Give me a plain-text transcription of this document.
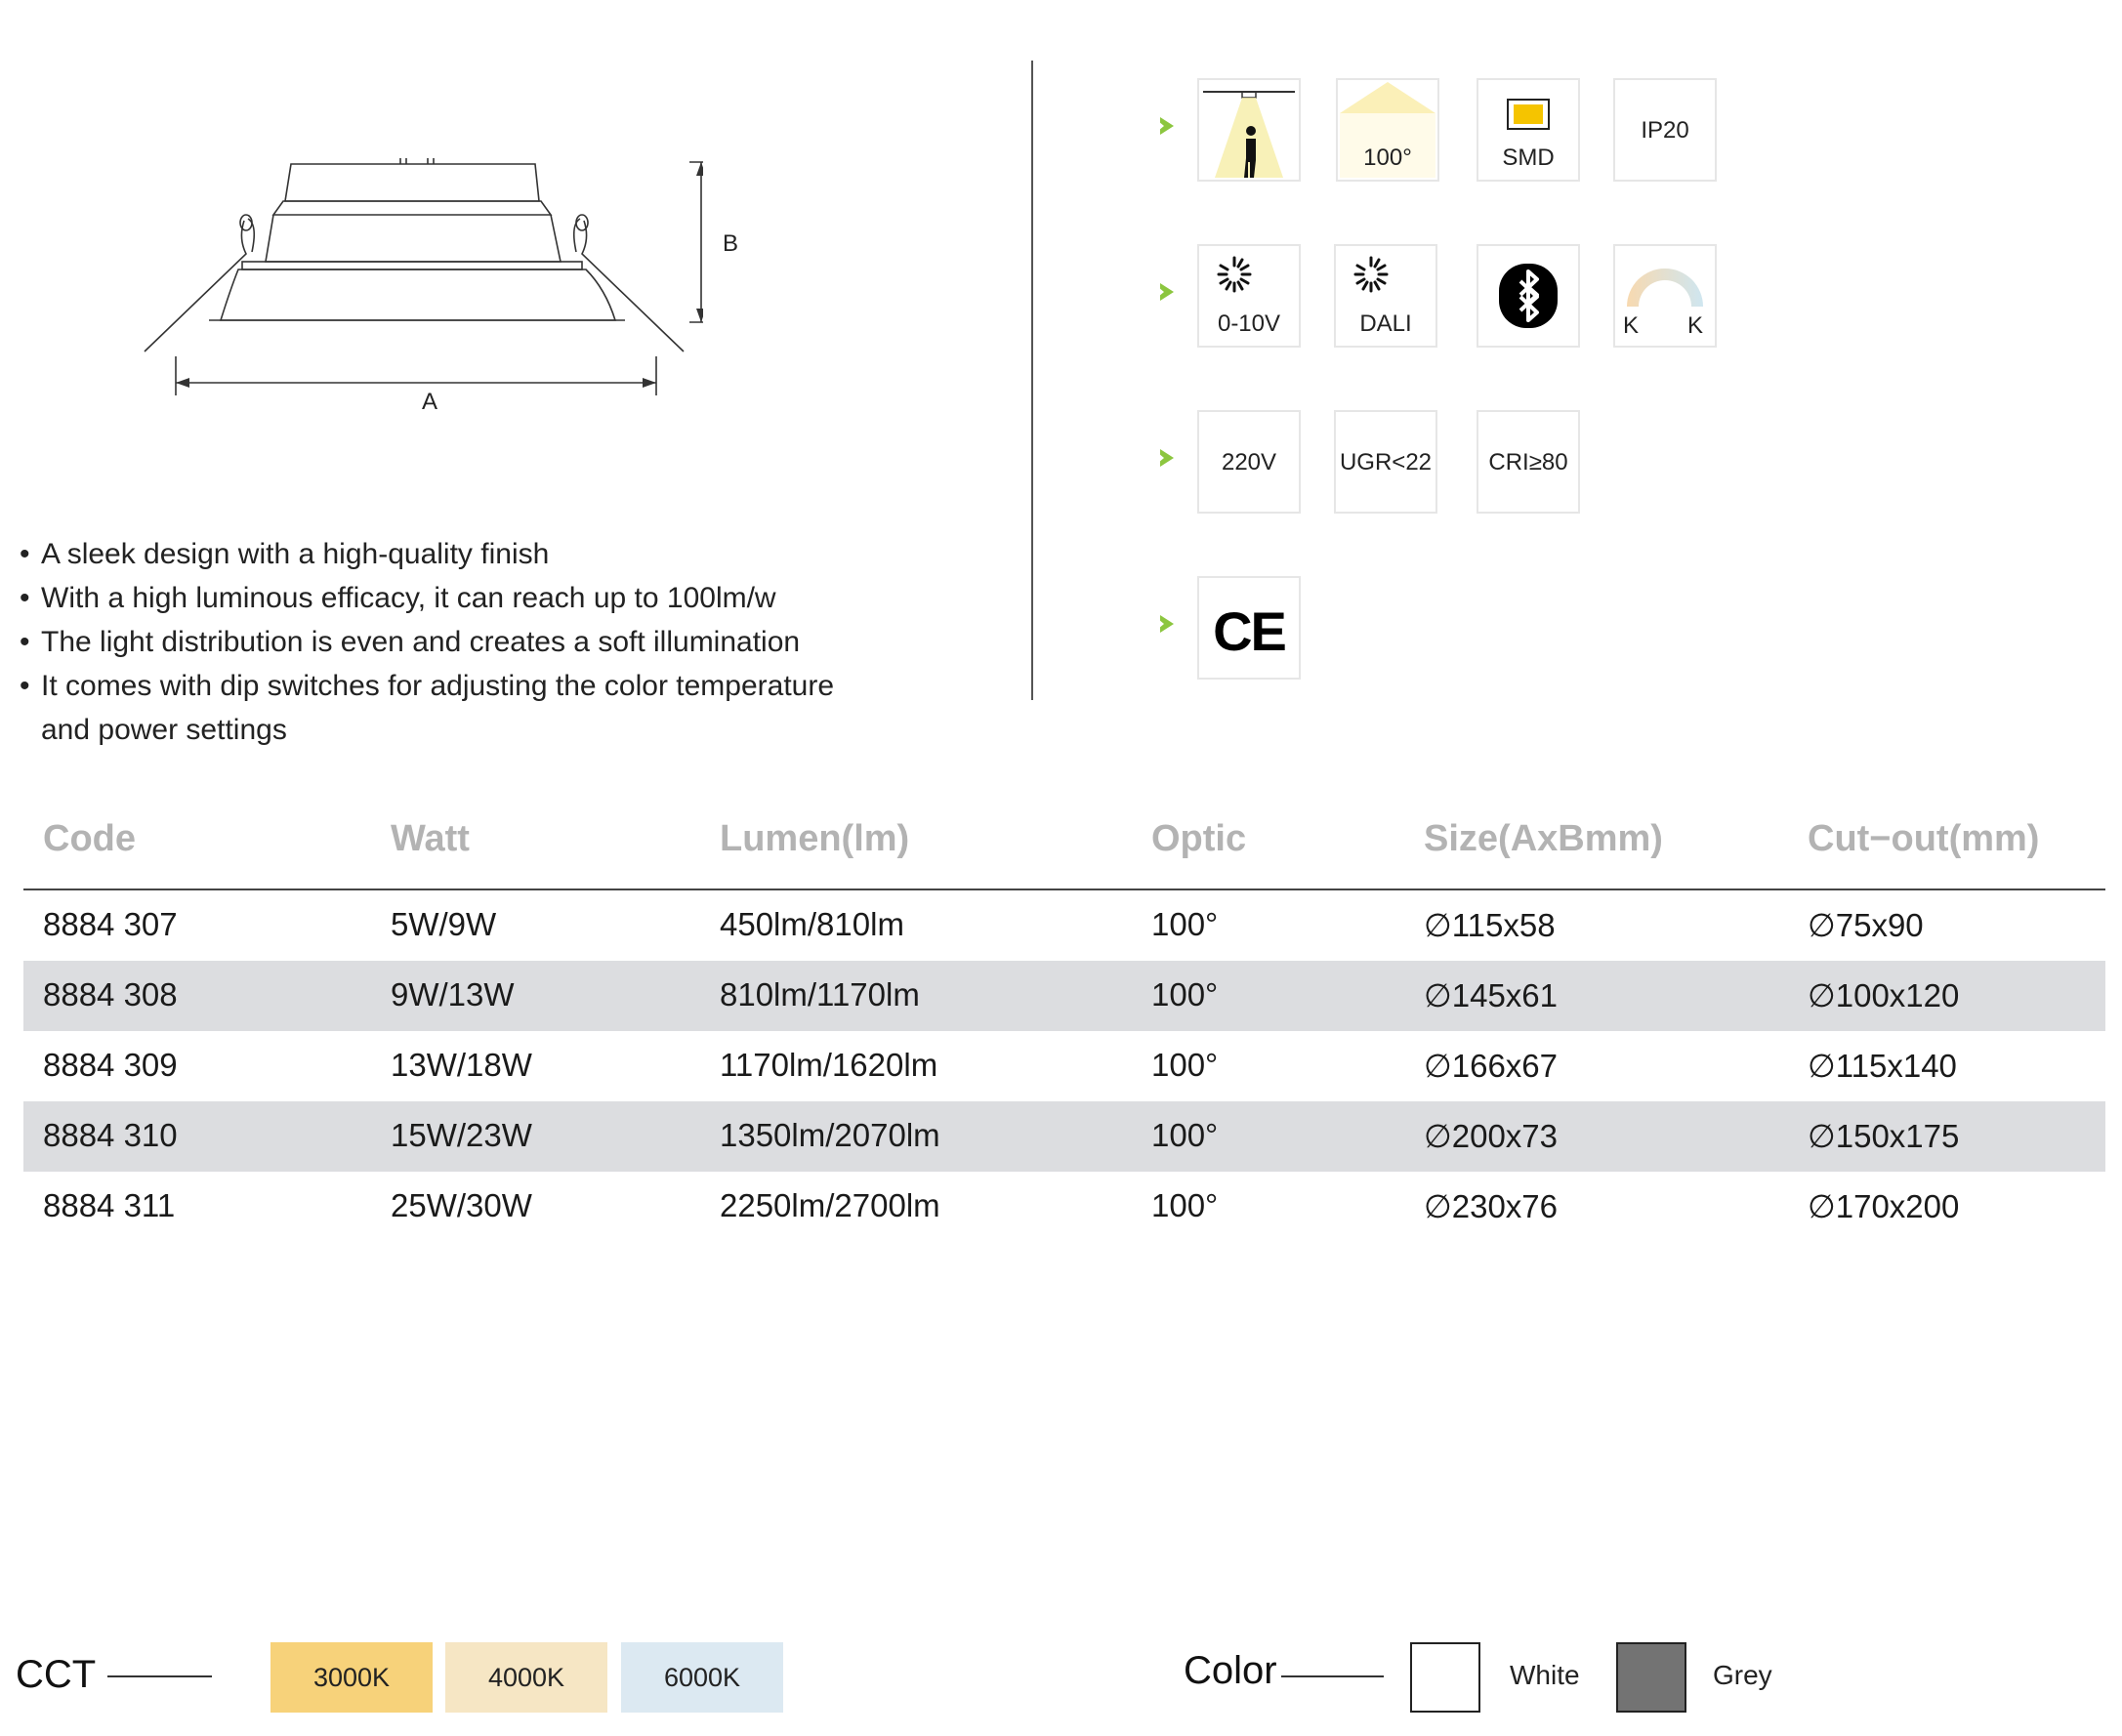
A
B
• A sleek design with a high-quality finish
• With a high luminous efficacy, it can reach up to 100lm/w
• The light distribution is even and creates a soft illumination
• It comes with dip switches for adjusting the color temperature
and power settings
100°	SMD
IP20
0-10V	DALI	K K
220V	UGR<22	CRI≥80
CE
Code	Watt	Lumen(lm)	Optic	Size(AxBmm)	Cut−out(mm)
8884 307	5W/9W	450lm/810lm	100°	∅115x58	∅75x90
8884 308	9W/13W	810lm/1170lm	100°	∅145x61	∅100x120
8884 309	13W/18W	1170lm/1620lm	100°	∅166x67	∅115x140
8884 310	15W/23W	1350lm/2070lm	100°	∅200x73	∅150x175
8884 311	25W/30W	2250lm/2700lm	100°	∅230x76	∅170x200
CCT	3000K	4000K	6000K	Color	White	Grey
